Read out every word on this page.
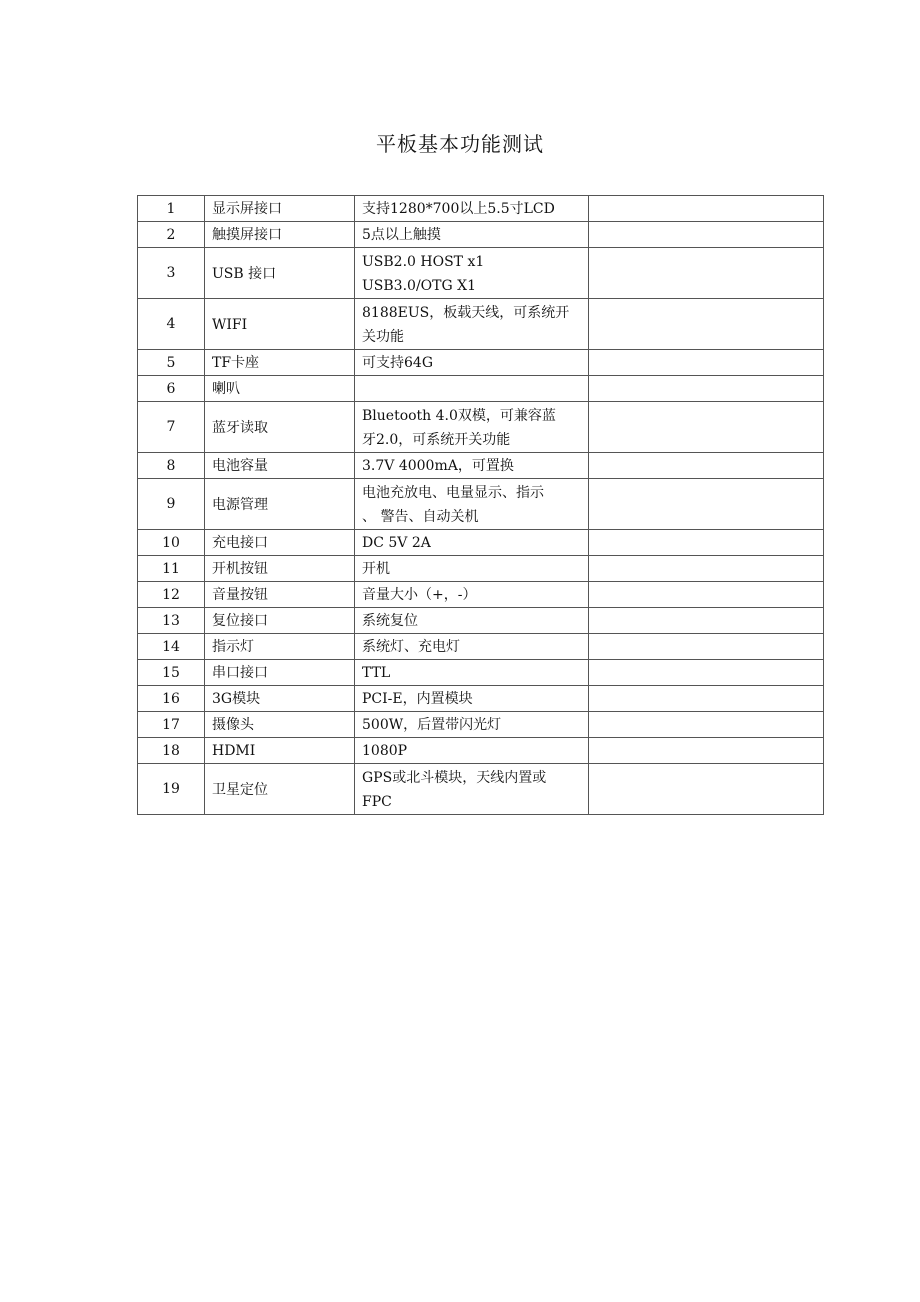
平板基本功能测试
1	显示屏接口	支持1280*700以上5.5寸LCD	

2	触摸屏接口	5点以上触摸	

3	USB 接口	USB2.0 HOST x1
USB3.0/OTG X1	

4	WIFI	8188EUS，板载天线，可系统开
关功能	

5	TF卡座	可支持64G	

6	喇叭	

7	蓝牙读取	Bluetooth 4.0双模，可兼容蓝
牙2.0，可系统开关功能	

8	电池容量	3.7V 4000mA，可置换	

9	电源管理	电池充放电、电量显示、指示
、 警告、自动关机	

10	充电接口	DC 5V 2A	

11	开机按钮	开机	

12	音量按钮	音量大小（+，-）	

13	复位接口	系统复位	

14	指示灯	系统灯、充电灯	

15	串口接口	TTL	

16	3G模块	PCI-E，内置模块	

17	摄像头	500W，后置带闪光灯	

18	HDMI	1080P	

19	卫星定位	GPS或北斗模块，天线内置或
FPC	
